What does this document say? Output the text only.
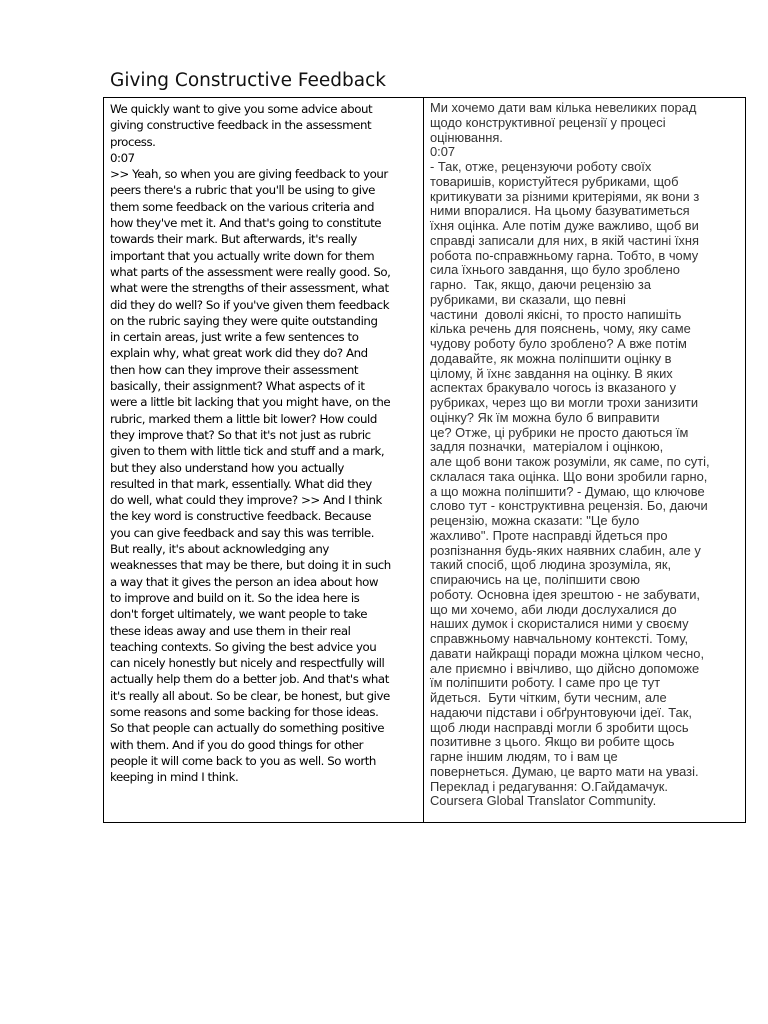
Giving Constructive Feedback
We quickly want to give you some advice about
giving constructive feedback in the assessment
process.
0:07
>> Yeah, so when you are giving feedback to your
peers there's a rubric that you'll be using to give
them some feedback on the various criteria and
how they've met it. And that's going to constitute
towards their mark. But afterwards, it's really
important that you actually write down for them
what parts of the assessment were really good. So,
what were the strengths of their assessment, what
did they do well? So if you've given them feedback
on the rubric saying they were quite outstanding
in certain areas, just write a few sentences to
explain why, what great work did they do? And
then how can they improve their assessment
basically, their assignment? What aspects of it
were a little bit lacking that you might have, on the
rubric, marked them a little bit lower? How could
they improve that? So that it's not just as rubric
given to them with little tick and stuff and a mark,
but they also understand how you actually
resulted in that mark, essentially. What did they
do well, what could they improve? >> And I think
the key word is constructive feedback. Because
you can give feedback and say this was terrible.
But really, it's about acknowledging any
weaknesses that may be there, but doing it in such
a way that it gives the person an idea about how
to improve and build on it. So the idea here is
don't forget ultimately, we want people to take
these ideas away and use them in their real
teaching contexts. So giving the best advice you
can nicely honestly but nicely and respectfully will
actually help them do a better job. And that's what
it's really all about. So be clear, be honest, but give
some reasons and some backing for those ideas.
So that people can actually do something positive
with them. And if you do good things for other
people it will come back to you as well. So worth
keeping in mind I think.

Ми хочемо дати вам кілька невеликих порад
щодо конструктивної рецензії у процесі
оцінювання.
0:07
- Так, отже, рецензуючи роботу своїх
товаришів, користуйтеся рубриками, щоб
критикувати за різними критеріями, як вони з
ними впоралися. На цьому базуватиметься
їхня оцінка. Але потім дуже важливо, щоб ви
справді записали для них, в якій частині їхня
робота по-справжньому гарна. Тобто, в чому
сила їхнього завдання, що було зроблено
гарно.  Так, якщо, даючи рецензію за
рубриками, ви сказали, що певні
частини  доволі якісні, то просто напишіть
кілька речень для пояснень, чому, яку саме
чудову роботу було зроблено? А вже потім
додавайте, як можна поліпшити оцінку в
цілому, й їхнє завдання на оцінку. В яких
аспектах бракувало чогось із вказаного у
рубриках, через що ви могли трохи занизити
оцінку? Як їм можна було б виправити
це? Отже, ці рубрики не просто даються їм
задля позначки,  матеріалом і оцінкою,
але щоб вони також розуміли, як саме, по суті,
склалася така оцінка. Що вони зробили гарно,
а що можна поліпшити? - Думаю, що ключове
слово тут - конструктивна рецензія. Бо, даючи
рецензію, можна сказати: "Це було
жахливо". Проте насправді йдеться про
розпізнання будь-яких наявних слабин, але у
такий спосіб, щоб людина зрозуміла, як,
спираючись на це, поліпшити свою
роботу. Основна ідея зрештою - не забувати,
що ми хочемо, аби люди дослухалися до
наших думок і скористалися ними у своєму
справжньому навчальному контексті. Тому,
давати найкращі поради можна цілком чесно,
але приємно і ввічливо, що дійсно допоможе
їм поліпшити роботу. І саме про це тут
йдеться.  Бути чітким, бути чесним, але
надаючи підстави і обґрунтовуючи ідеї. Так,
щоб люди насправді могли б зробити щось
позитивне з цього. Якщо ви робите щось
гарне іншим людям, то і вам це
повернеться. Думаю, це варто мати на увазі.
Переклад і редагування: О.Гайдамачук.
Coursera Global Translator Community.
